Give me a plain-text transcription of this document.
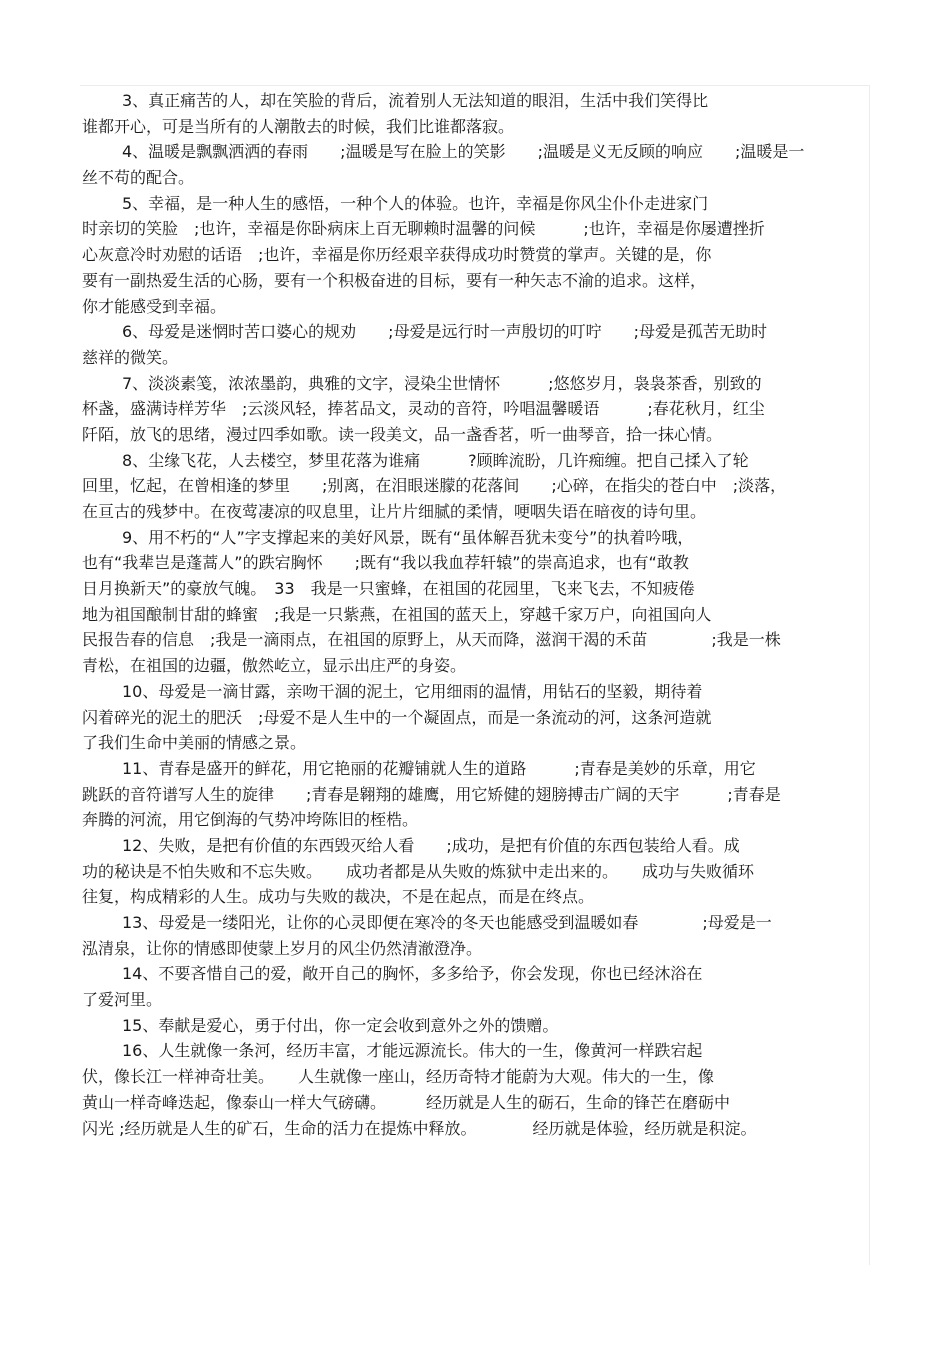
3、真正痛苦的人，却在笑脸的背后，流着别人无法知道的眼泪，生活中我们笑得比
谁都开心，可是当所有的人潮散去的时候，我们比谁都落寂。
4、温暖是飘飘洒洒的春雨　　;温暖是写在脸上的笑影　　;温暖是义无反顾的响应　　;温暖是一
丝不苟的配合。
5、幸福，是一种人生的感悟，一种个人的体验。也许，幸福是你风尘仆仆走进家门
时亲切的笑脸　;也许，幸福是你卧病床上百无聊赖时温馨的问候　　　;也许，幸福是你屡遭挫折
心灰意冷时劝慰的话语　;也许，幸福是你历经艰辛获得成功时赞赏的掌声。关键的是，你
要有一副热爱生活的心肠，要有一个积极奋进的目标，要有一种矢志不渝的追求。这样，
你才能感受到幸福。
6、母爱是迷惘时苦口婆心的规劝　　;母爱是远行时一声殷切的叮咛　　;母爱是孤苦无助时
慈祥的微笑。
7、淡淡素笺，浓浓墨韵，典雅的文字，浸染尘世情怀　　　;悠悠岁月，袅袅茶香，别致的
杯盏，盛满诗样芳华　;云淡风轻，捧茗品文，灵动的音符，吟唱温馨暖语　　　;春花秋月，红尘
阡陌，放飞的思绪，漫过四季如歌。读一段美文，品一盏香茗，听一曲琴音，拾一抹心情。
8、尘缘飞花，人去楼空，梦里花落为谁痛　　　?顾眸流盼，几许痴缠。把自己揉入了轮
回里，忆起，在曾相逢的梦里　　;别离，在泪眼迷朦的花落间　　;心碎，在指尖的苍白中　;淡落，
在亘古的残梦中。在夜莺凄凉的叹息里，让片片细腻的柔情，哽咽失语在暗夜的诗句里。
9、用不朽的“人”字支撑起来的美好风景，既有“虽体解吾犹未变兮”的执着吟哦，
也有“我辈岂是蓬蒿人”的跌宕胸怀　　;既有“我以我血荐轩辕”的崇高追求，也有“敢教
日月换新天”的豪放气魄。　33　我是一只蜜蜂，在祖国的花园里，飞来飞去，不知疲倦
地为祖国酿制甘甜的蜂蜜　;我是一只紫燕，在祖国的蓝天上，穿越千家万户，向祖国向人
民报告春的信息　;我是一滴雨点，在祖国的原野上，从天而降，滋润干渴的禾苗　　　　;我是一株
青松，在祖国的边疆，傲然屹立，显示出庄严的身姿。
10、母爱是一滴甘露，亲吻干涸的泥土，它用细雨的温情，用钻石的坚毅，期待着
闪着碎光的泥土的肥沃　;母爱不是人生中的一个凝固点，而是一条流动的河，这条河造就
了我们生命中美丽的情感之景。
11、青春是盛开的鲜花，用它艳丽的花瓣铺就人生的道路　　　;青春是美妙的乐章，用它
跳跃的音符谱写人生的旋律　　;青春是翱翔的雄鹰，用它矫健的翅膀搏击广阔的天宇　　　;青春是
奔腾的河流，用它倒海的气势冲垮陈旧的桎梏。
12、失败，是把有价值的东西毁灭给人看　　;成功，是把有价值的东西包装给人看。成
功的秘诀是不怕失败和不忘失败。　　成功者都是从失败的炼狱中走出来的。　　成功与失败循环
往复，构成精彩的人生。成功与失败的裁决，不是在起点，而是在终点。
13、母爱是一缕阳光，让你的心灵即便在寒冷的冬天也能感受到温暖如春　　　　;母爱是一
泓清泉，让你的情感即使蒙上岁月的风尘仍然清澈澄净。
14、不要吝惜自己的爱，敞开自己的胸怀，多多给予，你会发现，你也已经沐浴在
了爱河里。
15、奉献是爱心，勇于付出，你一定会收到意外之外的馈赠。
16、人生就像一条河，经历丰富，才能远源流长。伟大的一生，像黄河一样跌宕起
伏，像长江一样神奇壮美。　　人生就像一座山，经历奇特才能蔚为大观。伟大的一生，像
黄山一样奇峰迭起，像泰山一样大气磅礴。　　　经历就是人生的砺石，生命的锋芒在磨砺中
闪光 ;经历就是人生的矿石，生命的活力在提炼中释放。　　　　经历就是体验，经历就是积淀。
